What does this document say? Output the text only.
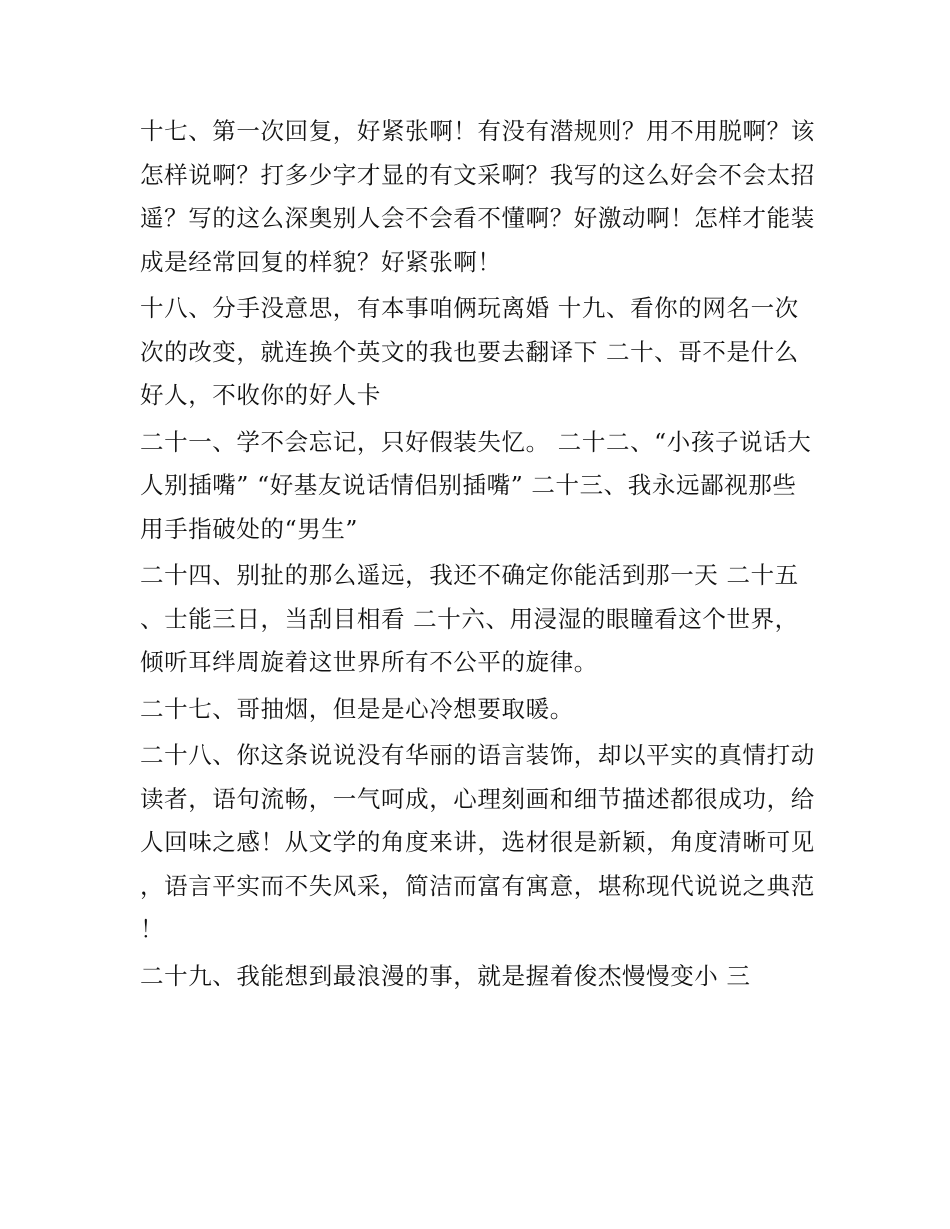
十七、第一次回复，好紧张啊！有没有潜规则？用不用脱啊？该怎样说啊？打多少字才显的有文采啊？我写的这么好会不会太招遥？写的这么深奥别人会不会看不懂啊？好激动啊！怎样才能装成是经常回复的样貌？好紧张啊！

十八、分手没意思，有本事咱俩玩离婚 十九、看你的网名一次次的改变，就连换个英文的我也要去翻译下 二十、哥不是什么好人，不收你的好人卡

二十一、学不会忘记，只好假装失忆。 二十二、“小孩子说话大人别插嘴” “好基友说话情侣别插嘴” 二十三、我永远鄙视那些用手指破处的“男生”

二十四、别扯的那么遥远，我还不确定你能活到那一天 二十五、士能三日，当刮目相看 二十六、用浸湿的眼瞳看这个世界，倾听耳绊周旋着这世界所有不公平的旋律。

二十七、哥抽烟，但是是心冷想要取暖。

二十八、你这条说说没有华丽的语言装饰，却以平实的真情打动读者，语句流畅，一气呵成，心理刻画和细节描述都很成功，给人回味之感！从文学的角度来讲，选材很是新颖，角度清晰可见，语言平实而不失风采，简洁而富有寓意，堪称现代说说之典范！

二十九、我能想到最浪漫的事，就是握着俊杰慢慢变小 三
